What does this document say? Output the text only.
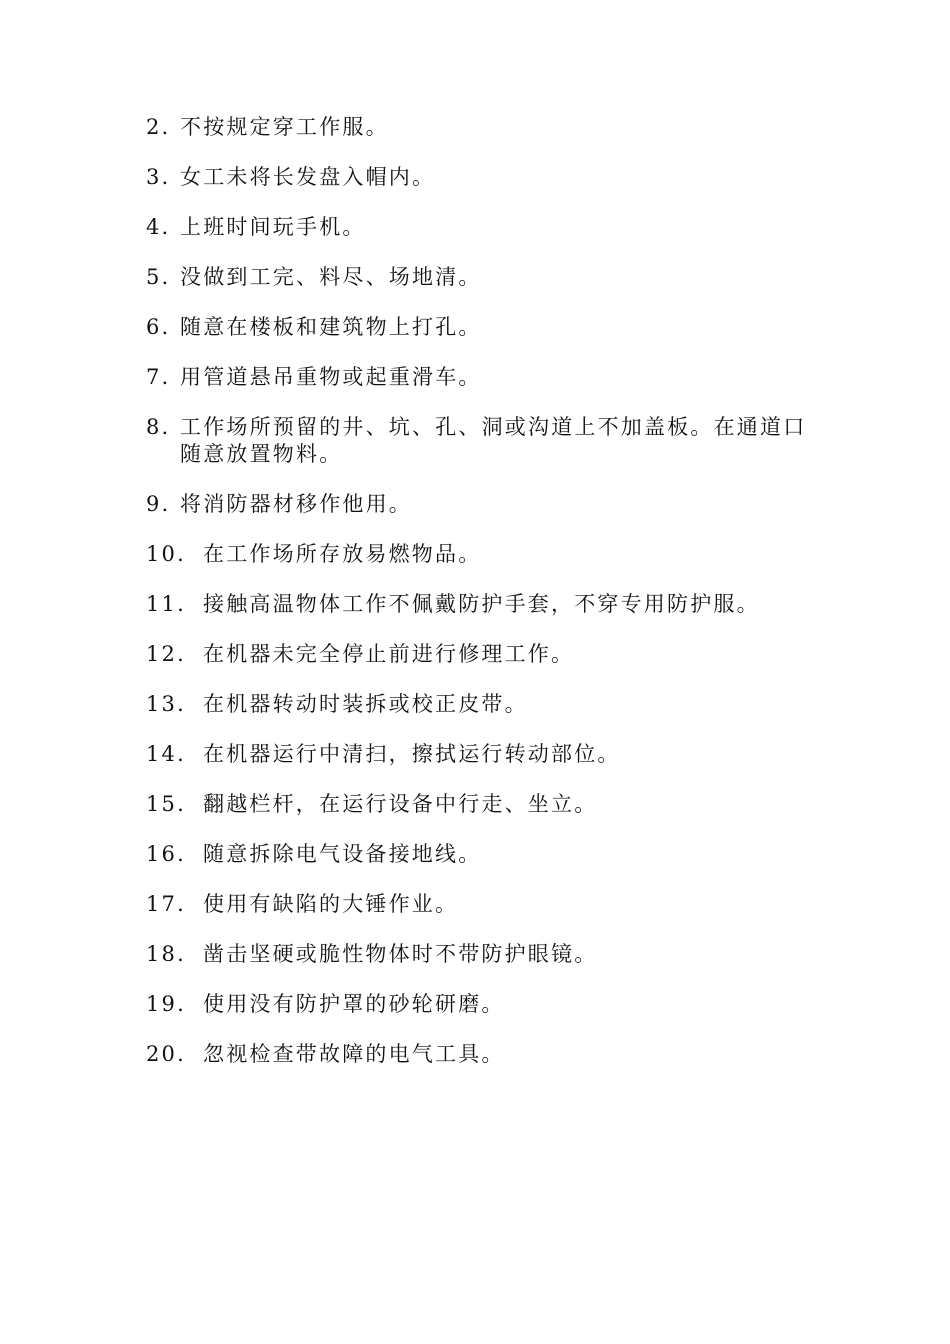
2. 不按规定穿工作服。
3. 女工未将长发盘入帽内。
4. 上班时间玩手机。
5. 没做到工完、料尽、场地清。
6. 随意在楼板和建筑物上打孔。
7. 用管道悬吊重物或起重滑车。
8. 工作场所预留的井、坑、孔、洞或沟道上不加盖板。在通道口随意放置物料。
9. 将消防器材移作他用。
10. 在工作场所存放易燃物品。
11. 接触高温物体工作不佩戴防护手套，不穿专用防护服。
12. 在机器未完全停止前进行修理工作。
13. 在机器转动时装拆或校正皮带。
14. 在机器运行中清扫，擦拭运行转动部位。
15. 翻越栏杆，在运行设备中行走、坐立。
16. 随意拆除电气设备接地线。
17. 使用有缺陷的大锤作业。
18. 凿击坚硬或脆性物体时不带防护眼镜。
19. 使用没有防护罩的砂轮研磨。
20. 忽视检查带故障的电气工具。
